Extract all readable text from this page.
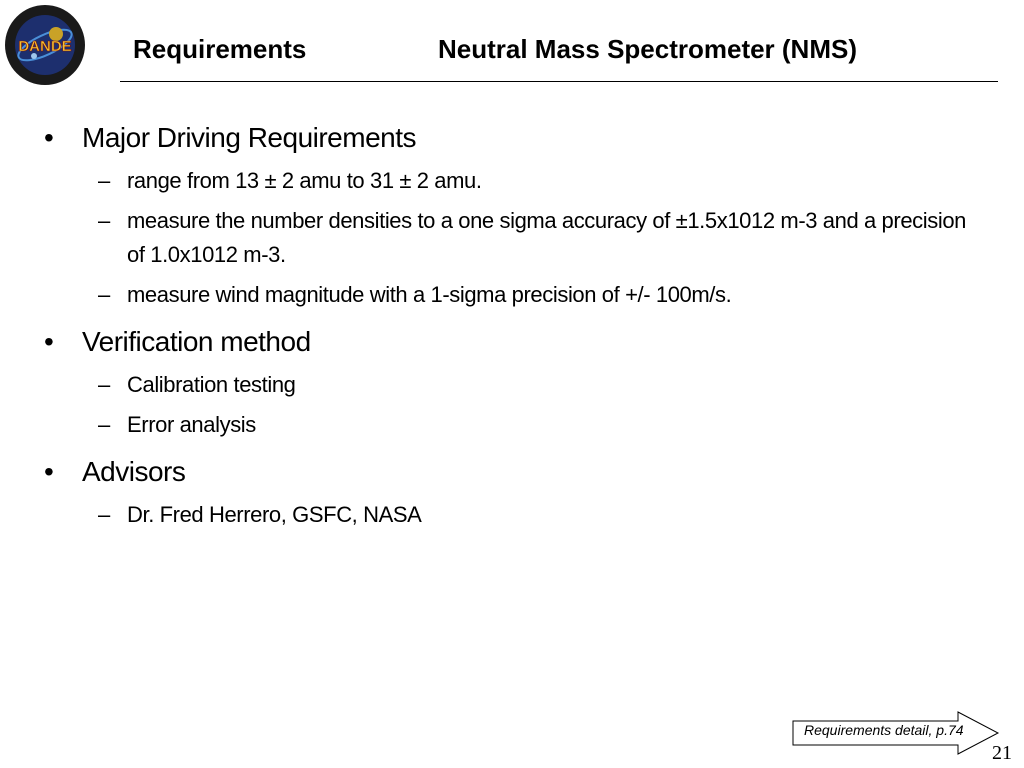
DANDE Requirements	Neutral Mass Spectrometer (NMS)
• Major Driving Requirements
– range from 13 ± 2 amu to 31 ± 2 amu.
– measure the number densities to a one sigma accuracy of ±1.5x1012 m-3 and a precision of 1.0x1012 m-3.
– measure wind magnitude with a 1-sigma precision of +/- 100m/s.
• Verification method
– Calibration testing
– Error analysis
• Advisors
– Dr. Fred Herrero, GSFC, NASA
Requirements detail, p.74
21
